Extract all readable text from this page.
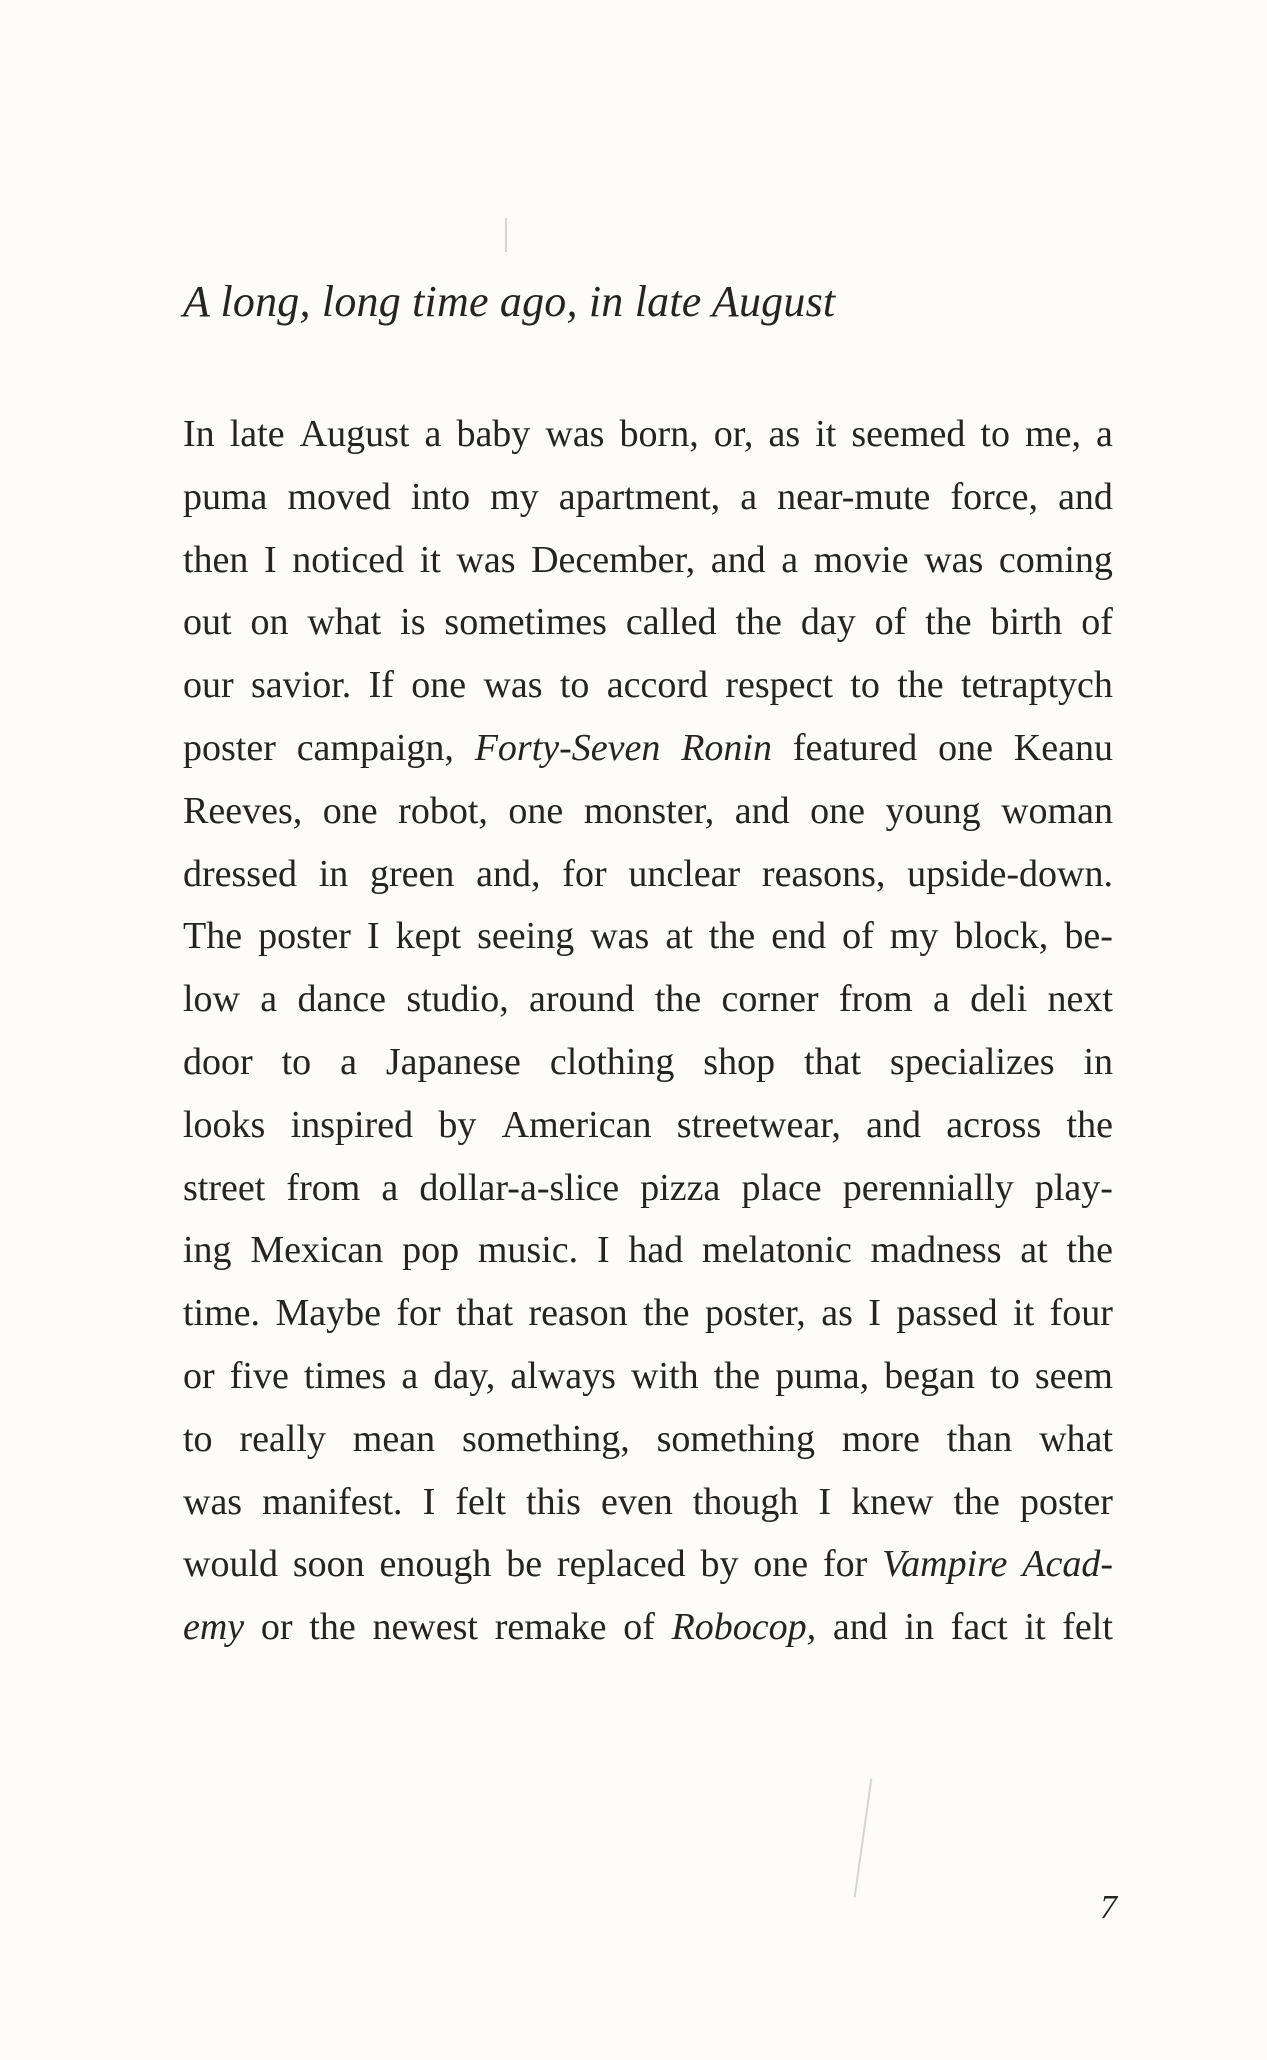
A long, long time ago, in late August
In late August a baby was born, or, as it seemed to me, a
puma moved into my apartment, a near-mute force, and
then I noticed it was December, and a movie was coming
out on what is sometimes called the day of the birth of
our savior. If one was to accord respect to the tetraptych
poster campaign, Forty-Seven Ronin featured one Keanu
Reeves, one robot, one monster, and one young woman
dressed in green and, for unclear reasons, upside-down.
The poster I kept seeing was at the end of my block, be-
low a dance studio, around the corner from a deli next
door to a Japanese clothing shop that specializes in
looks inspired by American streetwear, and across the
street from a dollar-a-slice pizza place perennially play-
ing Mexican pop music. I had melatonic madness at the
time. Maybe for that reason the poster, as I passed it four
or five times a day, always with the puma, began to seem
to really mean something, something more than what
was manifest. I felt this even though I knew the poster
would soon enough be replaced by one for Vampire Acad-
emy or the newest remake of Robocop, and in fact it felt
7
